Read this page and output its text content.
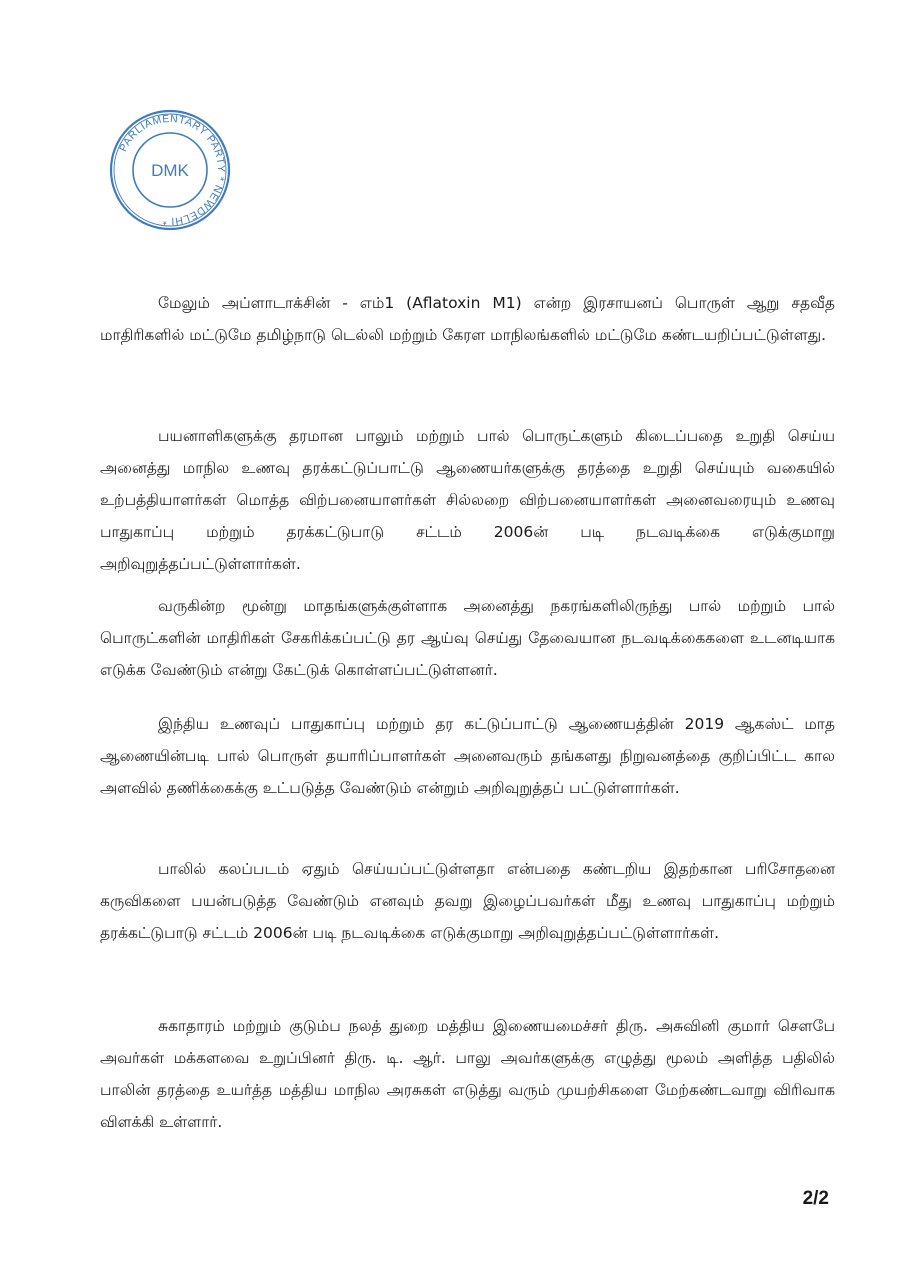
PARLIAMENTARY PARTY * NEWDELHI *
DMK

மேலும் அப்ளாடாக்சின் - எம்1 (Aflatoxin M1) என்ற இரசாயனப் பொருள் ஆறு சதவீத மாதிரிகளில் மட்டுமே தமிழ்நாடு டெல்லி மற்றும் கேரள மாநிலங்களில் மட்டுமே கண்டயறிப்பட்டுள்ளது.

பயனாளிகளுக்கு தரமான பாலும் மற்றும் பால் பொருட்களும் கிடைப்பதை உறுதி செய்ய அனைத்து மாநில உணவு தரக்கட்டுப்பாட்டு ஆணையர்களுக்கு தரத்தை உறுதி செய்யும் வகையில் உற்பத்தியாளர்கள் மொத்த விற்பனையாளர்கள் சில்லறை விற்பனையாளர்கள் அனைவரையும் உணவு பாதுகாப்பு மற்றும் தரக்கட்டுபாடு சட்டம் 2006ன் படி நடவடிக்கை எடுக்குமாறு அறிவுறுத்தப்பட்டுள்ளார்கள்.

வருகின்ற மூன்று மாதங்களுக்குள்ளாக அனைத்து நகரங்களிலிருந்து பால் மற்றும் பால் பொருட்களின் மாதிரிகள் சேகரிக்கப்பட்டு தர ஆய்வு செய்து தேவையான நடவடிக்கைகளை உடனடியாக எடுக்க வேண்டும் என்று கேட்டுக் கொள்ளப்பட்டுள்ளனர்.

இந்திய உணவுப் பாதுகாப்பு மற்றும் தர கட்டுப்பாட்டு ஆணையத்தின் 2019 ஆகஸ்ட் மாத ஆணையின்படி பால் பொருள் தயாரிப்பாளர்கள் அனைவரும் தங்களது நிறுவனத்தை குறிப்பிட்ட கால அளவில் தணிக்கைக்கு உட்படுத்த வேண்டும் என்றும் அறிவுறுத்தப் பட்டுள்ளார்கள்.

பாலில் கலப்படம் ஏதும் செய்யப்பட்டுள்ளதா என்பதை கண்டறிய இதற்கான பரிசோதனை கருவிகளை பயன்படுத்த வேண்டும் எனவும் தவறு இழைப்பவர்கள் மீது உணவு பாதுகாப்பு மற்றும் தரக்கட்டுபாடு சட்டம் 2006ன் படி நடவடிக்கை எடுக்குமாறு அறிவுறுத்தப்பட்டுள்ளார்கள்.

சுகாதாரம் மற்றும் குடும்ப நலத் துறை மத்திய இணையமைச்சர் திரு. அசுவினி குமார் சௌபே அவர்கள் மக்களவை உறுப்பினர் திரு. டி. ஆர். பாலு அவர்களுக்கு எழுத்து மூலம் அளித்த பதிலில் பாலின் தரத்தை உயர்த்த மத்திய மாநில அரசுகள் எடுத்து வரும் முயற்சிகளை மேற்கண்டவாறு விரிவாக விளக்கி உள்ளார்.

2/2
